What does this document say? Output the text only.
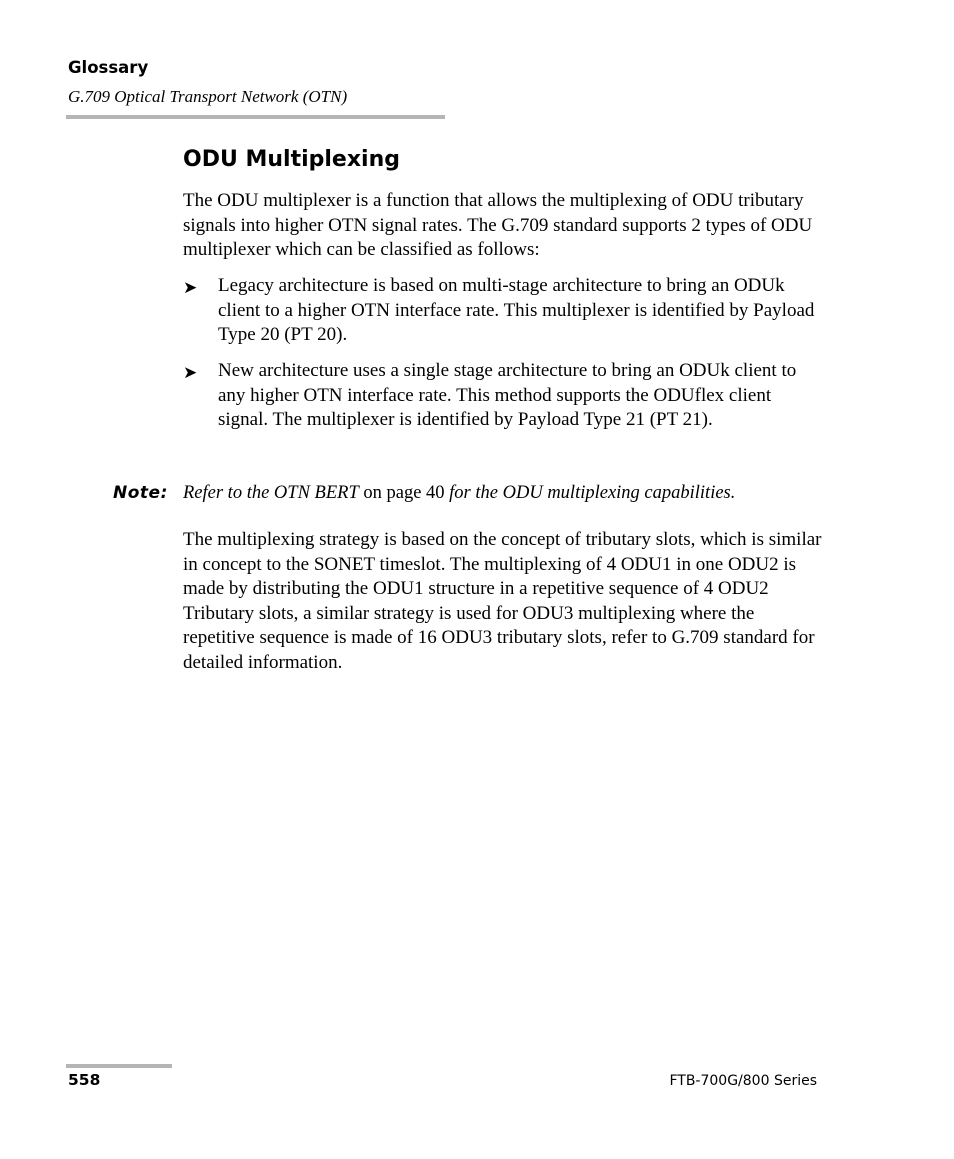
Glossary
G.709 Optical Transport Network (OTN)
ODU Multiplexing

The ODU multiplexer is a function that allows the multiplexing of ODU tributary signals into higher OTN signal rates. The G.709 standard supports 2 types of ODU multiplexer which can be classified as follows:

➤ Legacy architecture is based on multi-stage architecture to bring an ODUk client to a higher OTN interface rate. This multiplexer is identified by Payload Type 20 (PT 20).

➤ New architecture uses a single stage architecture to bring an ODUk client to any higher OTN interface rate. This method supports the ODUflex client signal. The multiplexer is identified by Payload Type 21 (PT 21).

Note: Refer to the OTN BERT on page 40 for the ODU multiplexing capabilities.

The multiplexing strategy is based on the concept of tributary slots, which is similar in concept to the SONET timeslot. The multiplexing of 4 ODU1 in one ODU2 is made by distributing the ODU1 structure in a repetitive sequence of 4 ODU2 Tributary slots, a similar strategy is used for ODU3 multiplexing where the repetitive sequence is made of 16 ODU3 tributary slots, refer to G.709 standard for detailed information.

558	FTB-700G/800 Series
